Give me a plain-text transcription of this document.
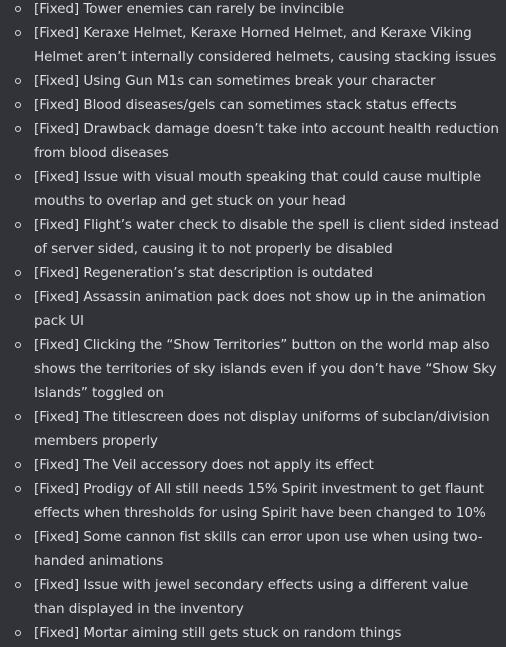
[Fixed] Tower enemies can rarely be invincible
[Fixed] Keraxe Helmet, Keraxe Horned Helmet, and Keraxe Viking Helmet aren’t internally considered helmets, causing stacking issues
[Fixed] Using Gun M1s can sometimes break your character
[Fixed] Blood diseases/gels can sometimes stack status effects
[Fixed] Drawback damage doesn’t take into account health reduction from blood diseases
[Fixed] Issue with visual mouth speaking that could cause multiple mouths to overlap and get stuck on your head
[Fixed] Flight’s water check to disable the spell is client sided instead of server sided, causing it to not properly be disabled
[Fixed] Regeneration’s stat description is outdated
[Fixed] Assassin animation pack does not show up in the animation pack UI
[Fixed] Clicking the “Show Territories” button on the world map also shows the territories of sky islands even if you don’t have “Show Sky Islands” toggled on
[Fixed] The titlescreen does not display uniforms of subclan/division members properly
[Fixed] The Veil accessory does not apply its effect
[Fixed] Prodigy of All still needs 15% Spirit investment to get flaunt effects when thresholds for using Spirit have been changed to 10%
[Fixed] Some cannon fist skills can error upon use when using two-handed animations
[Fixed] Issue with jewel secondary effects using a different value than displayed in the inventory
[Fixed] Mortar aiming still gets stuck on random things
